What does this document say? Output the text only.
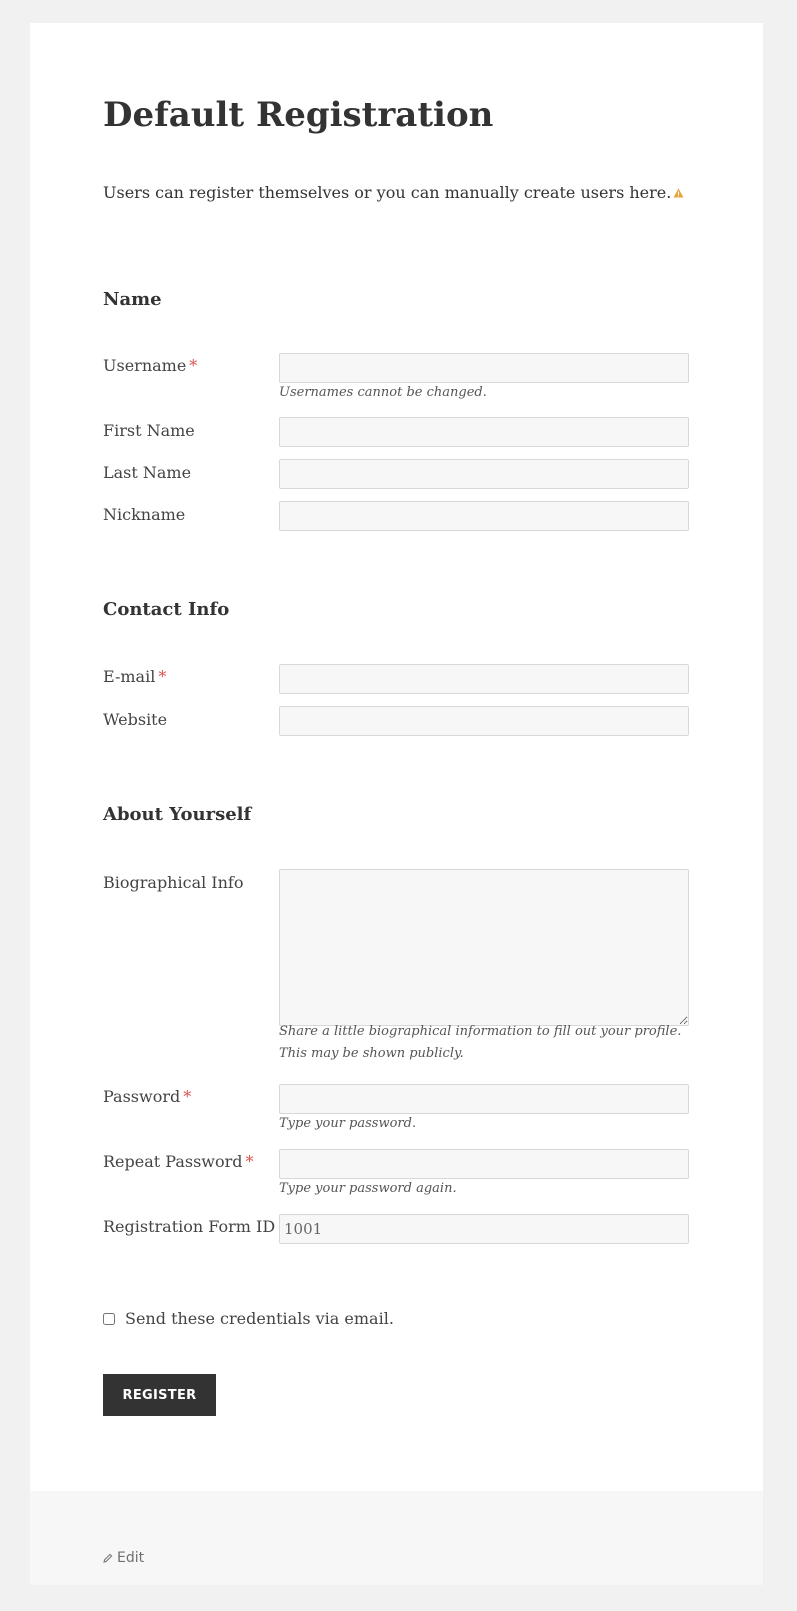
Default Registration

Users can register themselves or you can manually create users here.

Name
Username *
Usernames cannot be changed.
First Name
Last Name
Nickname
Contact Info
E-mail *
Website
About Yourself
Biographical Info
Share a little biographical information to fill out your profile.
This may be shown publicly.
Password *
Type your password.
Repeat Password *
Type your password again.
Registration Form ID
1001
Send these credentials via email.
REGISTER
Edit
